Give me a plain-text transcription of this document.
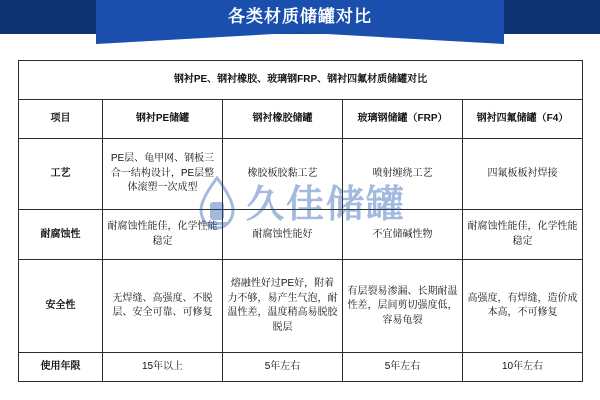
各类材质储罐对比
钢衬PE、钢衬橡胶、玻璃钢FRP、钢衬四氟材质储罐对比				
项目	钢衬PE储罐	钢衬橡胶储罐	玻璃钢储罐（FRP）	钢衬四氟储罐（F4）
工艺	PE层、龟甲网、钢板三合一结构设计，PE层整体滚塑一次成型	橡胶板胶黏工艺	喷射缠绕工艺	四氟板板衬焊接
耐腐蚀性	耐腐蚀性能佳，化学性能稳定	耐腐蚀性能好	不宜储碱性物	耐腐蚀性能佳，化学性能稳定
安全性	无焊缝、高强度、不脱层、安全可靠、可修复	熔融性好过PE好，附着力不够，易产生气泡，耐温性差，温度稍高易脱胶脱层	有层裂易渗漏、长期耐温性差，层间剪切强度低，容易龟裂	高强度，有焊缝，造价成本高，不可修复
使用年限	15年以上	5年左右	5年左右	10年左右
久佳储罐
